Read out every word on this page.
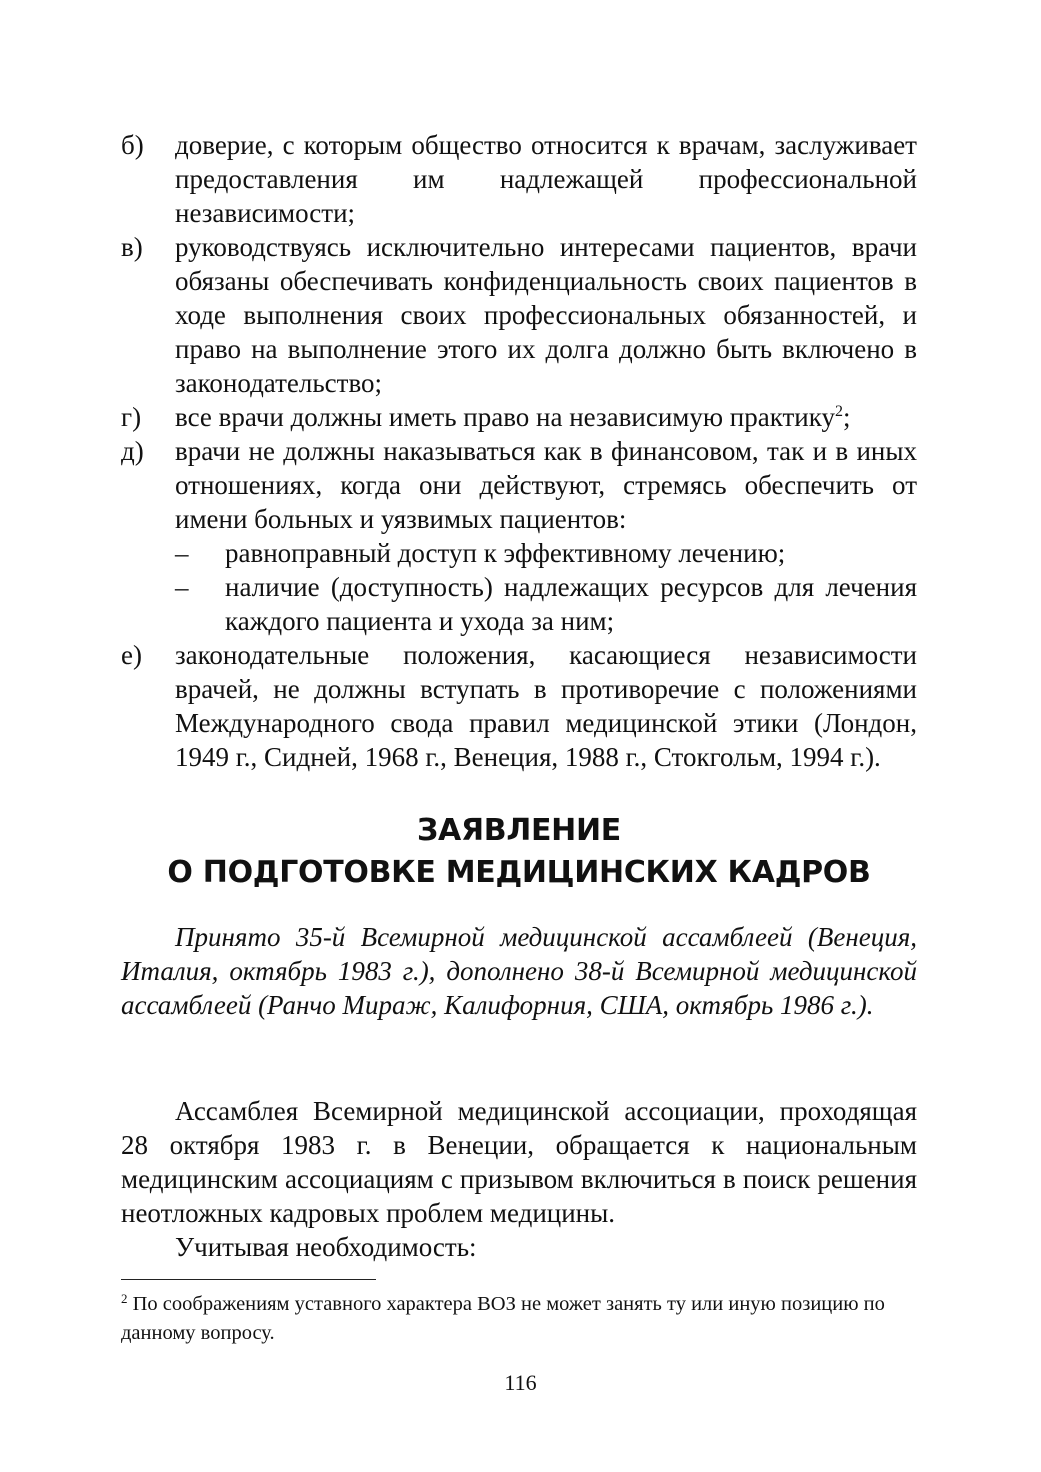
б) доверие, с которым общество относится к врачам, заслуживает предоставления им надлежащей профессиональной независимости;
в) руководствуясь исключительно интересами пациентов, врачи обязаны обеспечивать конфиденциальность своих пациентов в ходе выполнения своих профессиональных обязанностей, и право на выполнение этого их долга должно быть включено в законодательство;
г) все врачи должны иметь право на независимую практику$^2$;
д) врачи не должны наказываться как в финансовом, так и в иных отношениях, когда они действуют, стремясь обеспечить от имени больных и уязвимых пациентов:
– равноправный доступ к эффективному лечению;
– наличие (доступность) надлежащих ресурсов для лечения каждого пациента и ухода за ним;
е) законодательные положения, касающиеся независимости врачей, не должны вступать в противоречие с положениями Международного свода правил медицинской этики (Лондон, 1949 г., Сидней, 1968 г., Венеция, 1988 г., Стокгольм, 1994 г.).
ЗАЯВЛЕНИЕ
О ПОДГОТОВКЕ МЕДИЦИНСКИХ КАДРОВ

Принято 35-й Всемирной медицинской ассамблеей (Венеция, Италия, октябрь 1983 г.), дополнено 38-й Всемирной медицинской ассамблеей (Ранчо Мираж, Калифорния, США, октябрь 1986 г.).

Ассамблея Всемирной медицинской ассоциации, проходящая 28 октября 1983 г. в Венеции, обращается к национальным медицинским ассоциациям с призывом включиться в поиск решения неотложных кадровых проблем медицины.

Учитывая необходимость:

$^2$ По соображениям уставного характера ВОЗ не может занять ту или иную позицию по данному вопросу.

116
